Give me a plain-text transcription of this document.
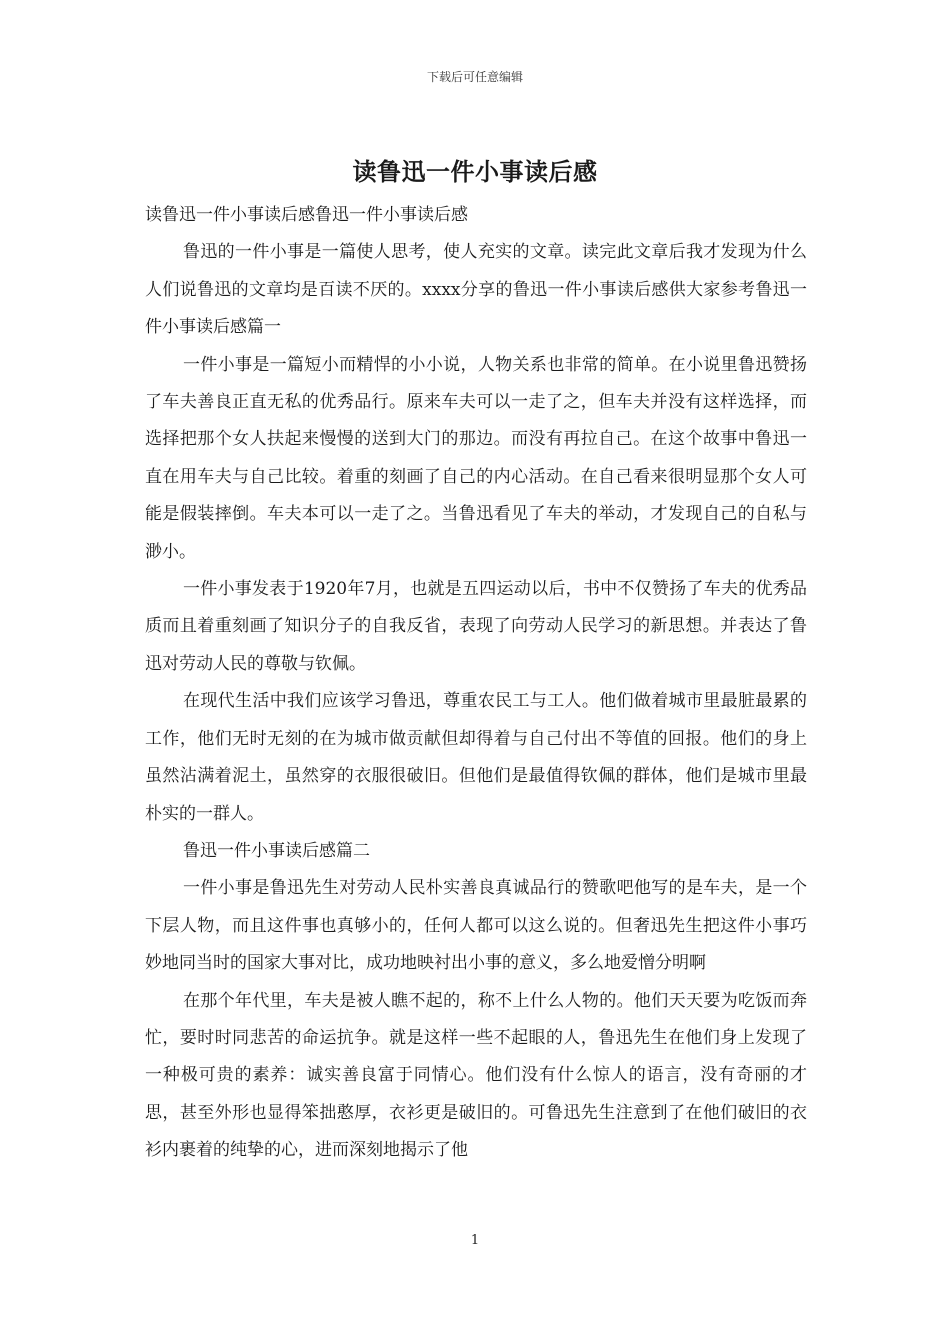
下载后可任意编辑
读鲁迅一件小事读后感

读鲁迅一件小事读后感鲁迅一件小事读后感

鲁迅的一件小事是一篇使人思考，使人充实的文章。读完此文章后我才发现为什么人们说鲁迅的文章均是百读不厌的。xxxx分享的鲁迅一件小事读后感供大家参考鲁迅一件小事读后感篇一

一件小事是一篇短小而精悍的小小说，人物关系也非常的简单。在小说里鲁迅赞扬了车夫善良正直无私的优秀品行。原来车夫可以一走了之，但车夫并没有这样选择，而选择把那个女人扶起来慢慢的送到大门的那边。而没有再拉自己。在这个故事中鲁迅一直在用车夫与自己比较。着重的刻画了自己的内心活动。在自己看来很明显那个女人可能是假装摔倒。车夫本可以一走了之。当鲁迅看见了车夫的举动，才发现自己的自私与渺小。

一件小事发表于1920年7月，也就是五四运动以后，书中不仅赞扬了车夫的优秀品质而且着重刻画了知识分子的自我反省，表现了向劳动人民学习的新思想。并表达了鲁迅对劳动人民的尊敬与钦佩。

在现代生活中我们应该学习鲁迅，尊重农民工与工人。他们做着城市里最脏最累的工作，他们无时无刻的在为城市做贡献但却得着与自己付出不等值的回报。他们的身上虽然沾满着泥土，虽然穿的衣服很破旧。但他们是最值得钦佩的群体，他们是城市里最朴实的一群人。

鲁迅一件小事读后感篇二

一件小事是鲁迅先生对劳动人民朴实善良真诚品行的赞歌吧他写的是车夫，是一个下层人物，而且这件事也真够小的，任何人都可以这么说的。但奢迅先生把这件小事巧妙地同当时的国家大事对比，成功地映衬出小事的意义，多么地爱憎分明啊

在那个年代里，车夫是被人瞧不起的，称不上什么人物的。他们天天要为吃饭而奔忙，要时时同悲苦的命运抗争。就是这样一些不起眼的人，鲁迅先生在他们身上发现了一种极可贵的素养：诚实善良富于同情心。他们没有什么惊人的语言，没有奇丽的才思，甚至外形也显得笨拙憨厚，衣衫更是破旧的。可鲁迅先生注意到了在他们破旧的衣衫内裹着的纯挚的心，进而深刻地揭示了他

1
